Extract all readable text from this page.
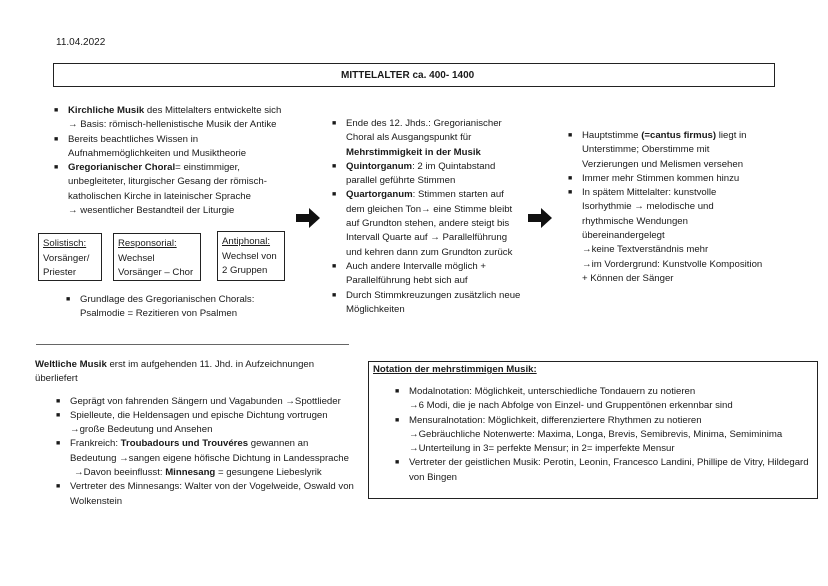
11.04.2022
MITTELALTER ca. 400- 1400
■ Kirchliche Musik des Mittelalters entwickelte sich
→ Basis: römisch-hellenistische Musik der Antike
■ Bereits beachtliches Wissen in Aufnahmemöglichkeiten und Musiktheorie
■ Gregorianischer Choral= einstimmiger, unbegleiteter, liturgischer Gesang der römisch-katholischen Kirche in lateinischer Sprache
→ wesentlicher Bestandteil der Liturgie
Solistisch:
Vorsänger/
Priester
Responsorial:
Wechsel
Vorsänger – Chor
Antiphonal:
Wechsel von
2 Gruppen
■ Grundlage des Gregorianischen Chorals: Psalmodie = Rezitieren von Psalmen
■ Ende des 12. Jhds.: Gregorianischer Choral als Ausgangspunkt für Mehrstimmigkeit in der Musik
■ Quintorganum: 2 im Quintabstand parallel geführte Stimmen
■ Quartorganum: Stimmen starten auf dem gleichen Ton→ eine Stimme bleibt auf Grundton stehen, andere steigt bis Intervall Quarte auf → Parallelführung und kehren dann zum Grundton zurück
■ Auch andere Intervalle möglich + Parallelführung hebt sich auf
■ Durch Stimmkreuzungen zusätzlich neue Möglichkeiten
■ Hauptstimme (=cantus firmus) liegt in Unterstimme; Oberstimme mit Verzierungen und Melismen versehen
■ Immer mehr Stimmen kommen hinzu
■ In spätem Mittelalter: kunstvolle Isorhythmie → melodische und rhythmische Wendungen übereinandergelegt
→keine Textverständnis mehr
→im Vordergrund: Kunstvolle Komposition + Können der Sänger
Weltliche Musik erst im aufgehenden 11. Jhd. in Aufzeichnungen überliefert
■ Geprägt von fahrenden Sängern und Vagabunden →Spottlieder
■ Spielleute, die Heldensagen und epische Dichtung vortrugen
→große Bedeutung und Ansehen
■ Frankreich: Troubadours und Trouvéres gewannen an Bedeutung →sangen eigene höfische Dichtung in Landessprache
→Davon beeinflusst: Minnesang = gesungene Liebeslyrik
■ Vertreter des Minnesangs: Walter von der Vogelweide, Oswald von Wolkenstein
Notation der mehrstimmigen Musik:
■ Modalnotation: Möglichkeit, unterschiedliche Tondauern zu notieren
→6 Modi, die je nach Abfolge von Einzel- und Gruppentönen erkennbar sind
■ Mensuralnotation: Möglichkeit, differenziertere Rhythmen zu notieren
→Gebräuchliche Notenwerte: Maxima, Longa, Brevis, Semibrevis, Minima, Semiminima →Unterteilung in 3= perfekte Mensur; in 2= imperfekte Mensur
■ Vertreter der geistlichen Musik: Perotin, Leonin, Francesco Landini, Phillipe de Vitry, Hildegard von Bingen
